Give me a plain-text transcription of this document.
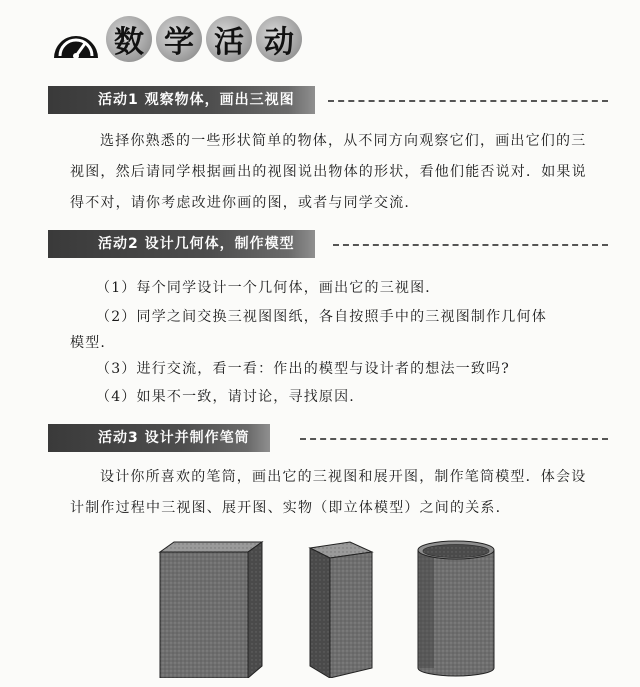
数 学 活 动
活动1 观察物体，画出三视图
选择你熟悉的一些形状简单的物体，从不同方向观察它们，画出它们的三视图，然后请同学根据画出的视图说出物体的形状，看他们能否说对．如果说得不对，请你考虑改进你画的图，或者与同学交流.
活动2 设计几何体，制作模型
（1）每个同学设计一个几何体，画出它的三视图．
（2）同学之间交换三视图图纸，各自按照手中的三视图制作几何体
模型.
（3）进行交流，看一看：作出的模型与设计者的想法一致吗?
（4）如果不一致，请讨论，寻找原因.
活动3 设计并制作笔筒
设计你所喜欢的笔筒，画出它的三视图和展开图，制作笔筒模型．体会设计制作过程中三视图、展开图、实物（即立体模型）之间的关系.
